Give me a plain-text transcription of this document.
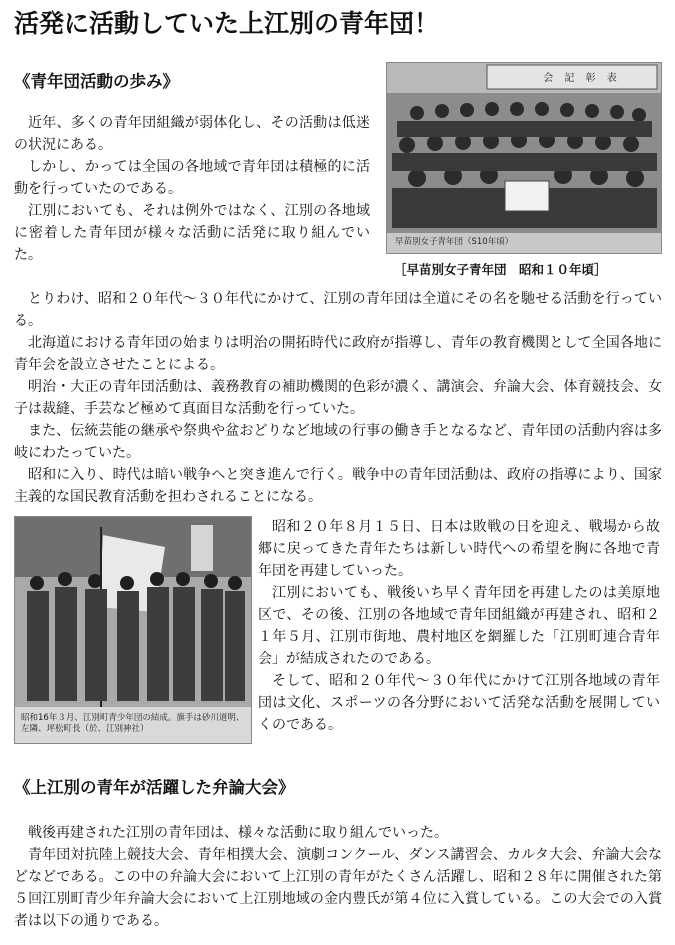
活発に活動していた上江別の青年団！
《青年団活動の歩み》

近年、多くの青年団組織が弱体化し、その活動は低迷の状況にある。

しかし、かっては全国の各地域で青年団は積極的に活動を行っていたのである。

江別においても、それは例外ではなく、江別の各地域に密着した青年団が様々な活動に活発に取り組んでいた。

会 記 彰 表
早苗別女子青年団（S10年頃）
［早苗別女子青年団　昭和１０年頃］

とりわけ、昭和２０年代～３０年代にかけて、江別の青年団は全道にその名を馳せる活動を行っている。

北海道における青年団の始まりは明治の開拓時代に政府が指導し、青年の教育機関として全国各地に青年会を設立させたことによる。

明治・大正の青年団活動は、義務教育の補助機関的色彩が濃く、講演会、弁論大会、体育競技会、女子は裁縫、手芸など極めて真面目な活動を行っていた。

また、伝統芸能の継承や祭典や盆おどりなど地域の行事の働き手となるなど、青年団の活動内容は多岐にわたっていた。

昭和に入り、時代は暗い戦争へと突き進んで行く。戦争中の青年団活動は、政府の指導により、国家主義的な国民教育活動を担わされることになる。

昭和16年３月、江別町青少年団の結成。旗手は砂川道明、左隣、坪松町長（於、江別神社）

昭和２０年８月１５日、日本は敗戦の日を迎え、戦場から故郷に戻ってきた青年たちは新しい時代への希望を胸に各地で青年団を再建していった。

江別においても、戦後いち早く青年団を再建したのは美原地区で、その後、江別の各地域で青年団組織が再建され、昭和２１年５月、江別市街地、農村地区を網羅した「江別町連合青年会」が結成されたのである。

そして、昭和２０年代～３０年代にかけて江別各地域の青年団は文化、スポーツの各分野において活発な活動を展開していくのである。

《上江別の青年が活躍した弁論大会》

戦後再建された江別の青年団は、様々な活動に取り組んでいった。

青年団対抗陸上競技大会、青年相撲大会、演劇コンクール、ダンス講習会、カルタ大会、弁論大会などなどである。この中の弁論大会において上江別の青年がたくさん活躍し、昭和２８年に開催された第５回江別町青少年弁論大会において上江別地域の金内豊氏が第４位に入賞している。この大会での入賞者は以下の通りである。
